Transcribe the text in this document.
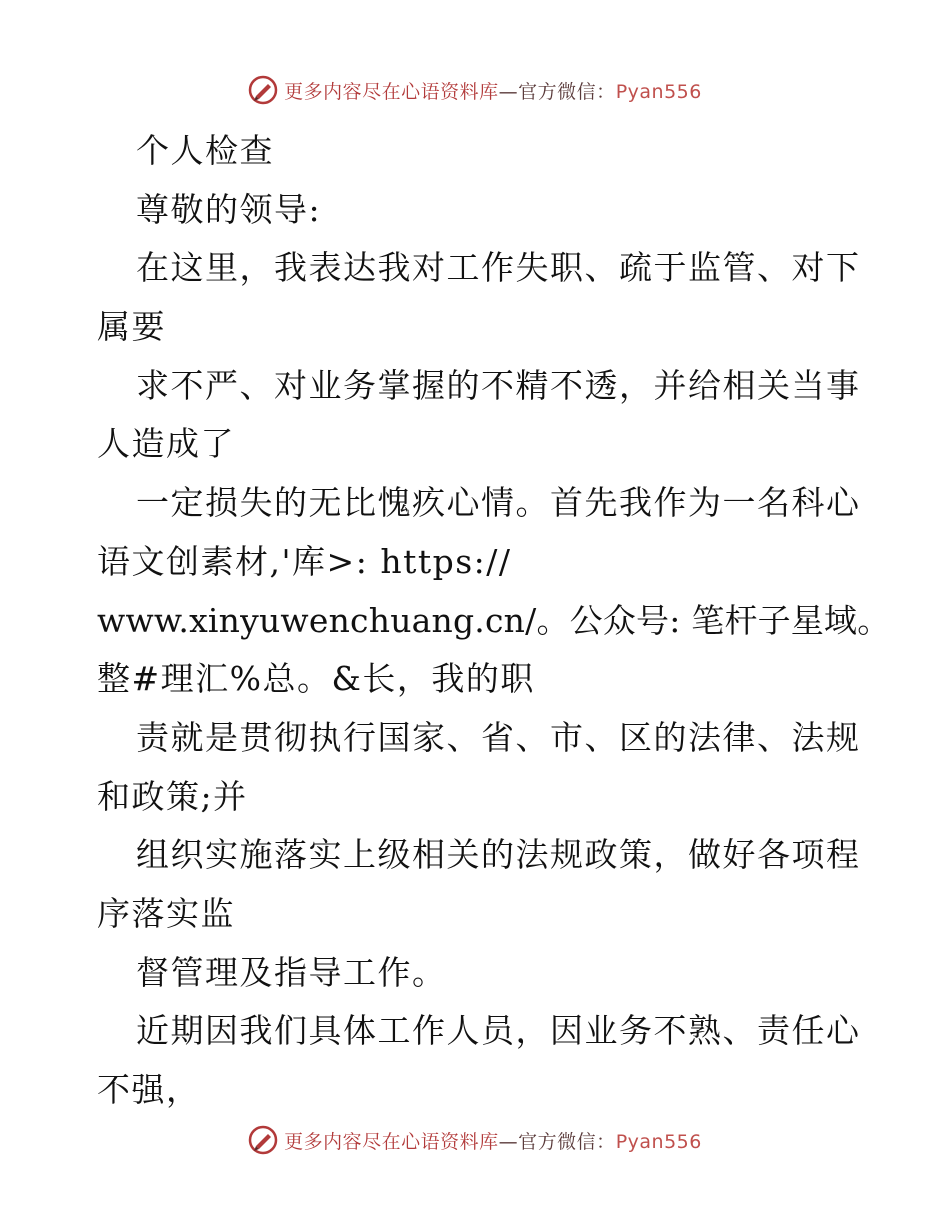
更多内容尽在心语资料库—官方微信：Pyan556
个人检查
尊敬的领导:
在这里，我表达我对工作失职、疏于监管、对下
属要
求不严、对业务掌握的不精不透，并给相关当事
人造成了
一定损失的无比愧疚心情。首先我作为一名科心
语文创素材,'库>: https://
www.xinyuwenchuang.cn/。公众号: 笔杆子星域。
整#理汇%总。&长，我的职
责就是贯彻执行国家、省、市、区的法律、法规
和政策;并
组织实施落实上级相关的法规政策，做好各项程
序落实监
督管理及指导工作。
近期因我们具体工作人员，因业务不熟、责任心
不强，
更多内容尽在心语资料库—官方微信：Pyan556
